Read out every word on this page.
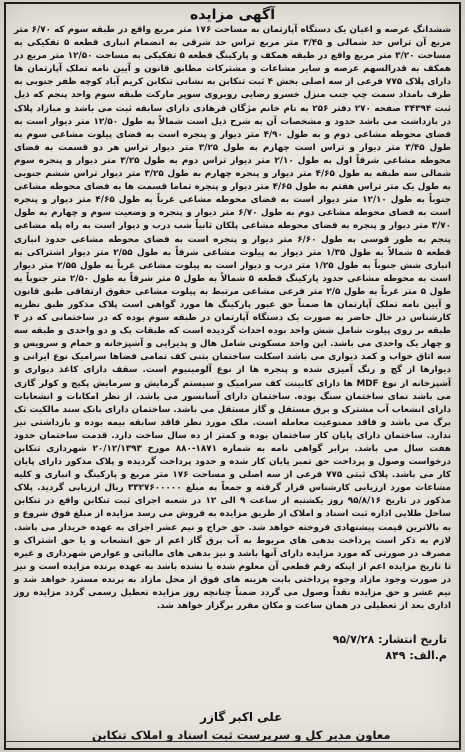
آگهی مزایده
ششدانگ عرصه و اعیان یک دستگاه آپارتمان به مساحت ۱۷۶ متر مربع واقع در طبقه سوم که ۶/۷۰ متر مربع آن تراس حد شمالی و ۳/۴۵ متر مربع تراس حد شرقی به انضمام انباری قطعه ۵ تفکیکی به مساحت ۳/۲۰ متر مربع واقع در طبقه همکف و پارکینگ قطعه ۵ تفکیکی به مساحت ۱۲/۵۰ متر مربع در همکف به قدرالسهم عرصه و سایر مشاعات و مشترکات مطابق قانون و آیین نامه تملک آپارتمان ها دارای پلاک ۷۷۵ فرعی از سه اصلی بخش ۴ ثبت تنکابن به نشانی تنکابن کریم آباد کوچه ظفر جنوبی به طرف بامداد سمت چپ جنب منزل خسرو رضایی روبروی سوپر مارکت طبقه سوم واحد پنجم که ذیل ثبت ۳۴۳۹۴ صفحه ۲۷۰ دفتر ۲۵۶ به نام خانم مژگان فرهادی دارای سابقه ثبت می باشد و مبازاد پلاک در بازداشت می باشد حدود و مشخصات آن به شرح ذیل است شمالاً به طول ۱۲/۵۰ متر دیوار است به فضای محوطه مشاعی دوم و به طول ۴/۹۰ متر دیوار و پنجره است به فضای پیلوت مشاعی سوم به طول ۳/۴۵ متر دیوار و تراس است چهارم به طول ۳/۲۵ متر دیوار تراس هر دو قسمت به فضای محوطه مشاعی شرقاً اول به طول ۲/۱۰ متر دیوار تراس دوم به طول ۳/۲۵ متر دیوار و پنجره سوم شمالی سه طبقه به طول ۴/۶۵ متر دیوار و پنجره چهارم به طول ۳/۲۵ متر دیوار تراس ششم جنوبی به طول یک متر تراس هفتم به طول ۴/۶۵ متر دیوار و پنجره تماما قسمت ها به فضای محوطه مشاعی جنوباً به طول ۱۲/۱۰ متر دیوار است به فضای محوطه مشاعی غرباً به طول ۴/۶۵ متر دیوار و پنجره است به فضای محوطه مشاعی دوم به طول ۶/۷۰ متر دیوار و پنجره و وضعیت سوم و چهارم به طول ۳/۷۰ متر دیوار و پنجره به فضای محوطه مشاعی پلکان ثانیاً شب درب و دیوار است به راه پله مشاعی پنجم به طور قوسی به طول ۶/۶۰ متر دیوار و پنجره است به فضای محوطه مشاعی حدود انباری قطعه ۵ شمالاً به طول ۱/۳۵ متر دیوار به پیلوت مشاعی شرقاً به طول ۲/۵۵ متر دیوار اشتراکی به انباری شش جنوباً به طول ۱/۲۵ متر درب و دیوار است به پیلوت مشاعی غرباً به طول ۲/۵۵ متر دیوار است به محوطه مشاعی حدود پارکینگ قطعه ۵ شمالاً به طول ۵ متر شرقاً به طول ۲/۵۰ متر جنوباً به طول ۵ متر غرباً به طول ۲/۵ متر فرعی مشاعی مرتبط به پیلوت مشاعی حقوق ارتفاقی طبق قانون و آیین نامه تملک آپارتمان ها ضمناً حق عبور پارکینگ ها مورد گواهی است پلاک مذکور طبق نظریه کارشناس در حال حاضر به صورت یک دستگاه آپارتمان در طبقه سوم بوده که در ساختمانی که در ۴ طبقه بر روی پیلوت شامل شش واحد بوده احداث گردیده است که طبقات یک و دو واحدی و طبقه سه و چهار یک واحدی می باشد. این واحد مسکونی شامل هال و پذیرایی و آشپزخانه و حمام و سرویس و سه اتاق خواب و کمد دیواری می باشد اسکلت ساختمان بتنی کف تمامی فضاها سرامیک نوع ایرانی و دیوارها از گچ و رنگ آمیزی شده و پنجره ها از نوع آلومینیوم است. سقف دارای کاغذ دیواری و آشپزخانه از نوع MDF ها دارای کابینت کف سرامیک و سیستم گرمایش و سرمایش پکیج و کولر گازی می باشد نمای ساختمان سنگ بوده. ساختمان دارای آسانسور می باشد. از نظر امکانات و انشعابات دارای انشعاب آب مشترک و برق مستقل و گاز مستقل می باشد. ساختمان دارای بانک سند مالکیت تک برگ می باشد و فاقد ممنوعیت معامله است. ملک مورد نظر فاقد سابقه بیمه بوده و بازداشتی نیز ندارد. ساختمان دارای پایان کار ساختمان بوده و کمتر از ده سال ساخت دارد. قدمت ساختمان حدود هفت سال می باشد. برابر گواهی نامه به شماره ۱۸۷۱-۸۸۰ مورخ ۲۰/۱۲/۱۳۹۳ شهرداری تنکابن درخواست وصول و پرداخت حق تمبر پایان کار شده و حدود پرداخت گردیده و پلاک مذکور دارای پایان کار می باشد. پلاک ثبتی ۷۷۵ فرعی از سه اصلی و مساحت ۱۷۶ متر مربع و پارکینگ و انباری و کلیه مشاعات مورد ارزیابی کارشناس قرار گرفته و جمعاً به مبلغ ۳۳۲۷۶۰۰۰۰۰ ریال ارزیابی گردید. پلاک مذکور در تاریخ ۹۵/۸/۱۶ روز یکشنبه از ساعت ۹ الی ۱۲ در شعبه اجرای ثبت تنکابن واقع در تنکابن ساحل طلایی اداره ثبت اسناد و املاک از طریق مزایده به فروش می رسد مزایده از مبلغ فوق شروع و به بالاترین قیمت پیشنهادی فروخته خواهد شد. حق حراج و نیم عشر اجرای به عهده خریدار می باشد. لازم به ذکر است پرداخت بدهی های مربوط به آب برق گاز اعم از حق انشعاب و یا حق اشتراک و مصرف در صورتی که مورد مزایده دارای آنها باشد و نیز بدهی های مالیاتی و عوارض شهرداری و غیره تا تاریخ مزایده اعم از اینکه رقم قطعی آن معلوم شده یا نشده باشد به عهده برنده مزایده است و نیز در صورت وجود مازاد وجوه پرداختی بابت هزینه های فوق از محل مازاد به برنده مسترد خواهد شد و نیم عشر و حق مزایده نقداً وصول می گردد ضمناً چنانچه روز مزایده تعطیل رسمی گردد مزایده روز اداری بعد از تعطیلی در همان ساعت و مکان مقرر برگزار خواهد شد.
تاریخ انتشار: ۹۵/۷/۲۸
م.الف: ۸۴۹
علی اکبر گازر
معاون مدیر کل و سرپرست ثبت اسناد و املاک تنکابن
